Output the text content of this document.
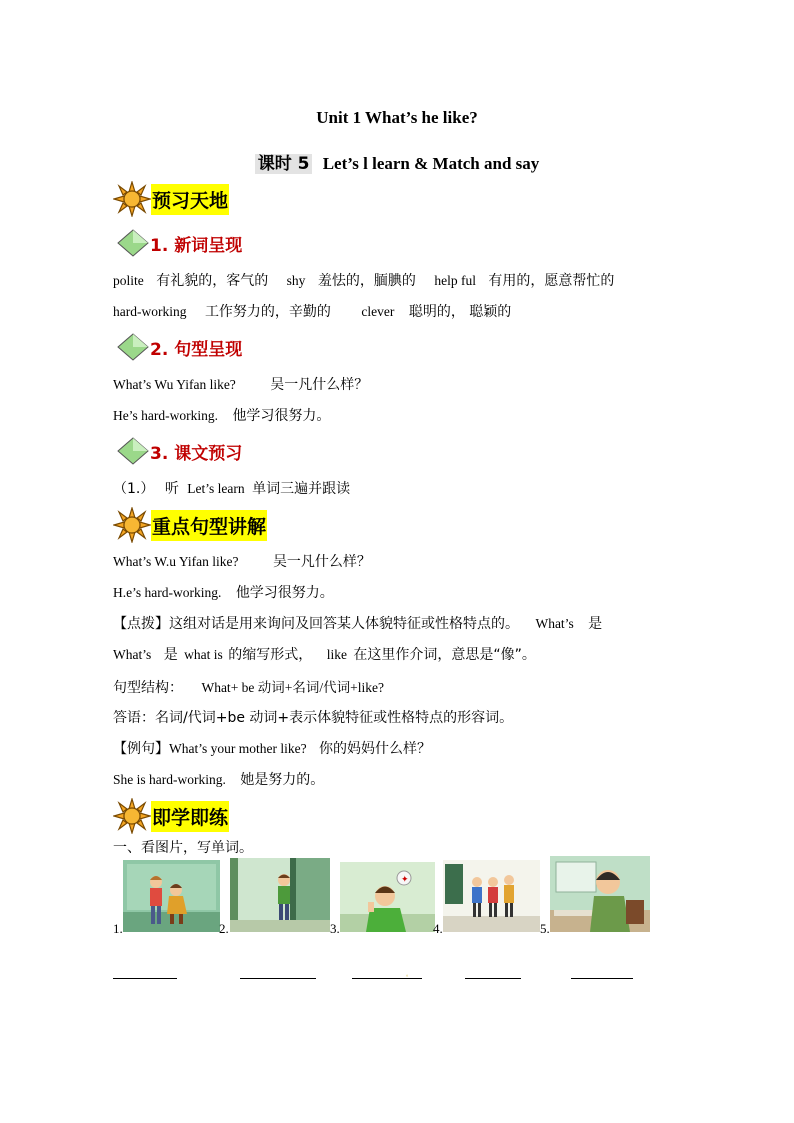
Unit 1 What’s he like?
课时 5 Let’s l learn & Match and say
预习天地
1. 新词呈现
polite 有礼貌的，客气的 shy 羞怯的，腼腆的 help ful 有用的，愿意帮忙的
hard-working 工作努力的，辛勤的 clever 聪明的， 聪颖的
2. 句型呈现
What’s Wu Yifan like? 吴一凡什么样？
He’s hard-working. 他学习很努力。
3. 课文预习
（1.） 听 Let’s learn 单词三遍并跟读
重点句型讲解
What’s W.u Yifan like? 吴一凡什么样？
H.e’s hard-working. 他学习很努力。
【点拨】这组对话是用来询问及回答某人体貌特征或性格特点的。 What’s 是
What’s 是 what is 的缩写形式， like 在这里作介词，意思是“像”。
句型结构： What+ be 动词+名词/代词+like?
答语：名词/代词+be 动词+表示体貌特征或性格特点的形容词。
【例句】What’s your mother like? 你的妈妈什么样？
She is hard-working. 她是努力的。
即学即练
一、看图片，写单词。
1.	2.	3.
✦
4.	5.
。
